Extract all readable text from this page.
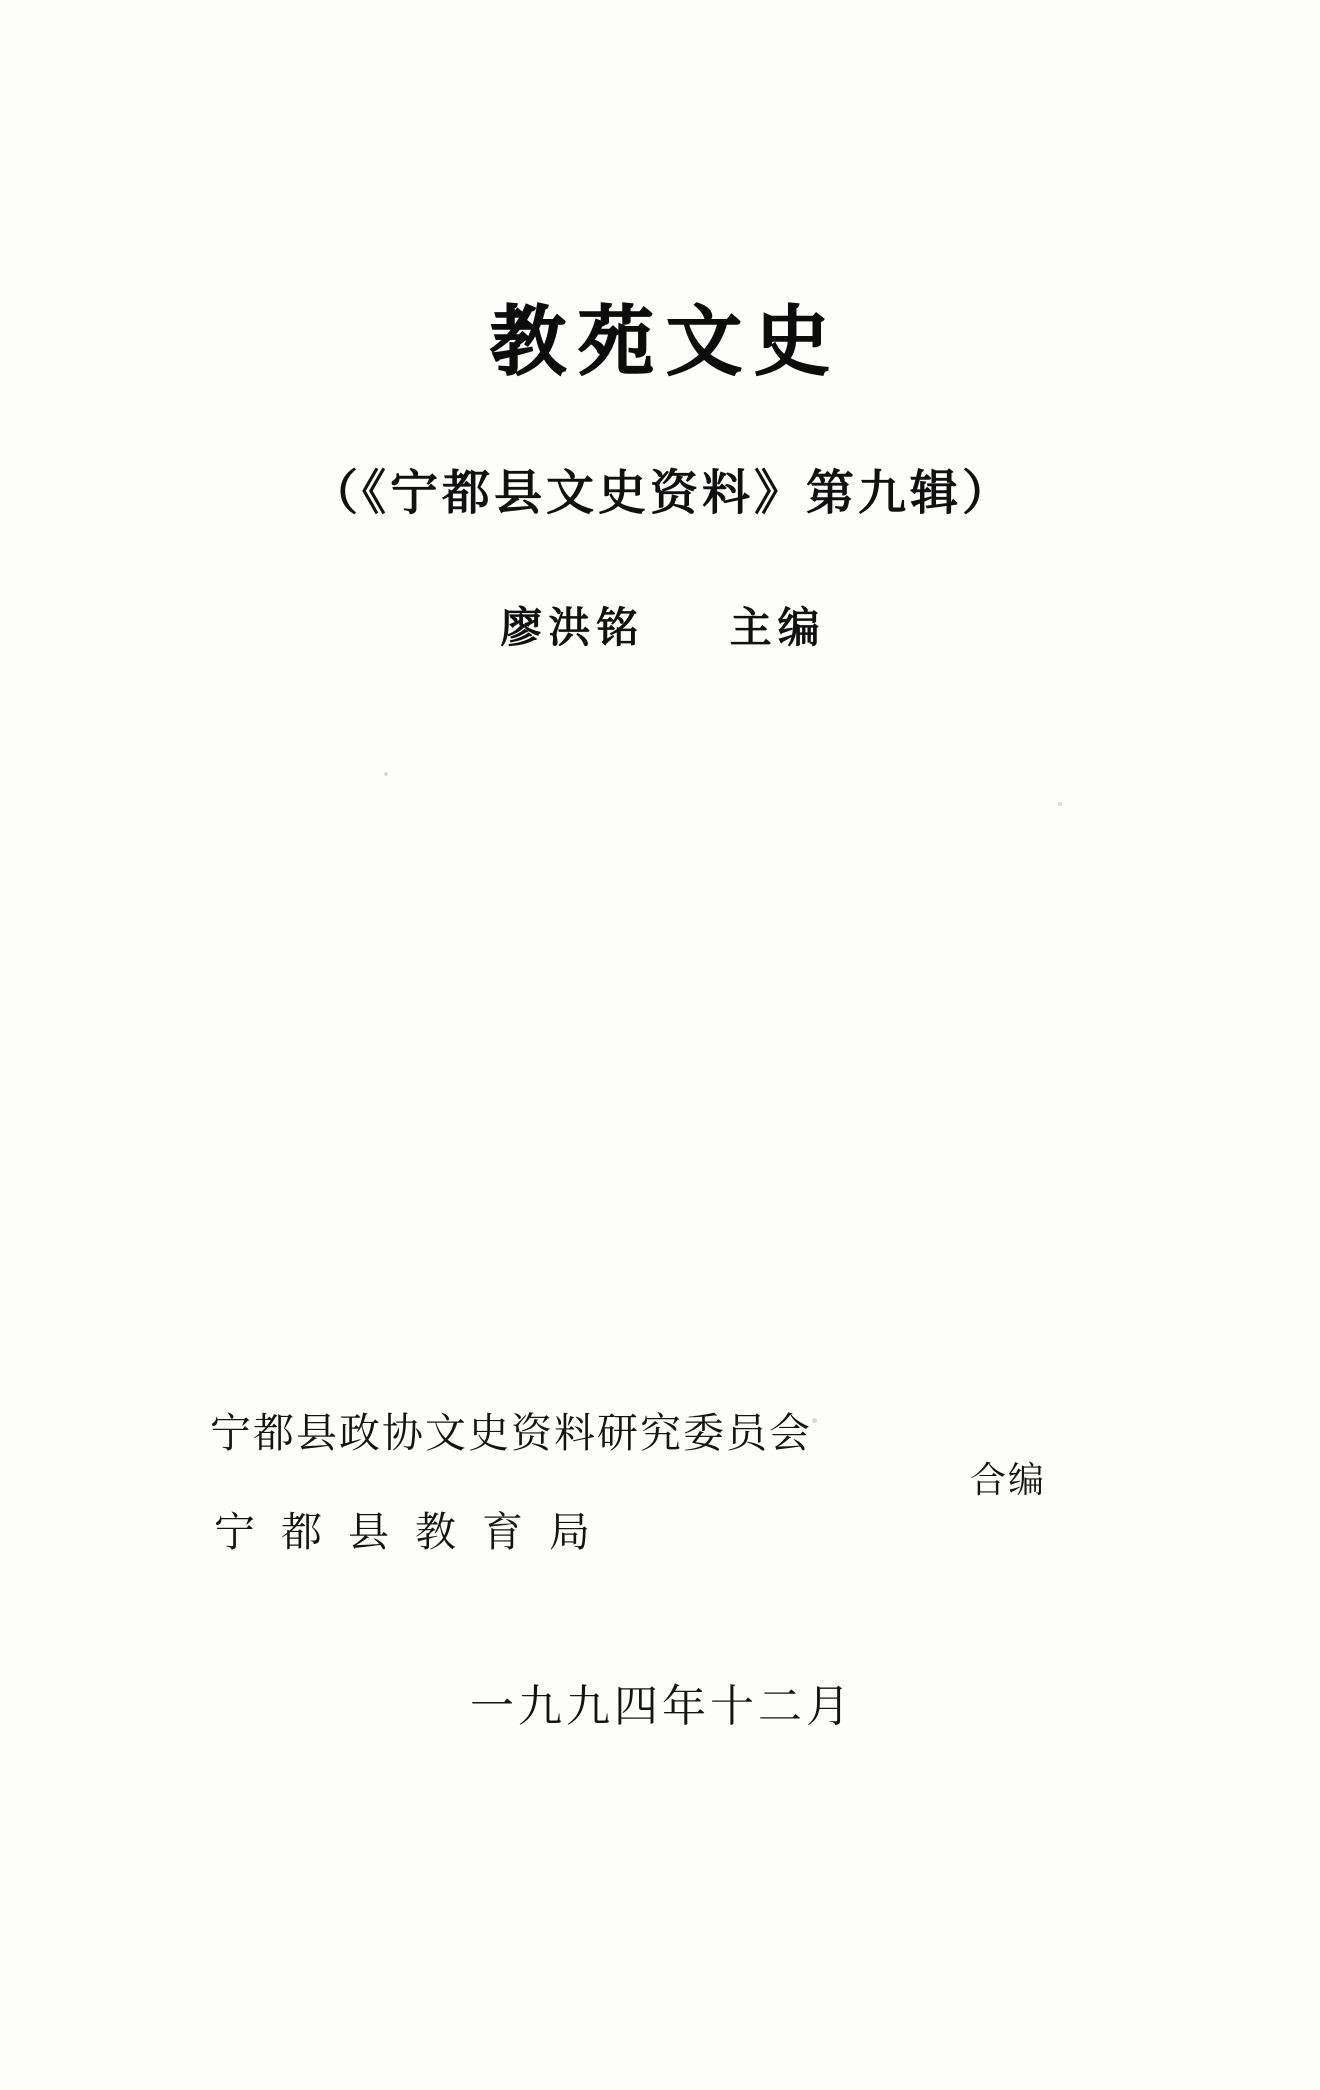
教苑文史
（《宁都县文史资料》第九辑）
廖洪铭 主编
宁都县政协文史资料研究委员会
宁都县教育局
合编
一九九四年十二月
